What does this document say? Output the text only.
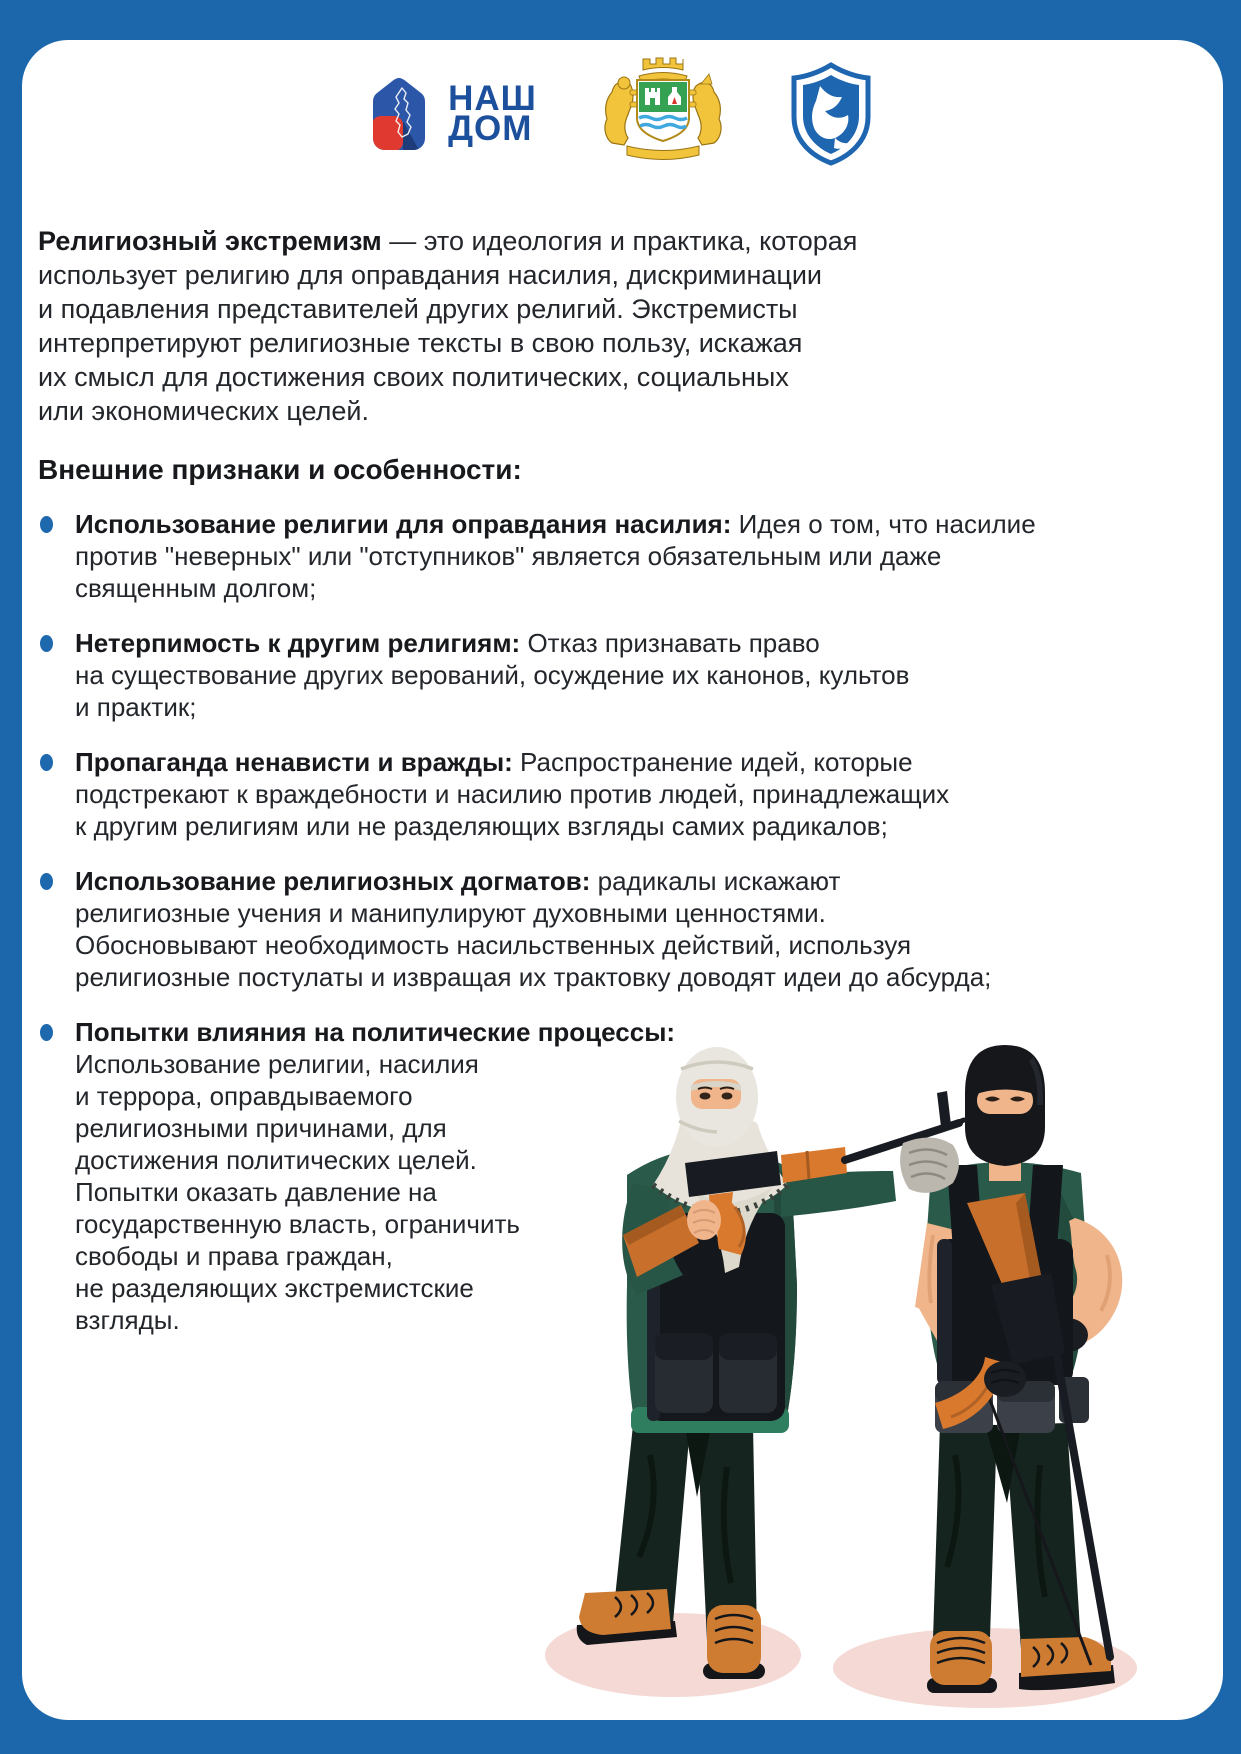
НАШ
ДОМ

Религиозный экстремизм — это идеология и практика, которая
использует религию для оправдания насилия, дискриминации
и подавления представителей других религий. Экстремисты
интерпретируют религиозные тексты в свою пользу, искажая
их смысл для достижения своих политических, социальных
или экономических целей.

Внешние признаки и особенности:
Использование религии для оправдания насилия: Идея о том, что насилие
против "неверных" или "отступников" является обязательным или даже
священным долгом;
Нетерпимость к другим религиям: Отказ признавать право
на существование других верований, осуждение их канонов, культов
и практик;
Пропаганда ненависти и вражды: Распространение идей, которые
подстрекают к враждебности и насилию против людей, принадлежащих
к другим религиям или не разделяющих взгляды самих радикалов;
Использование религиозных догматов: радикалы искажают
религиозные учения и манипулируют духовными ценностями.
Обосновывают необходимость насильственных действий, используя
религиозные постулаты и извращая их трактовку доводят идеи до абсурда;
Попытки влияния на политические процессы:
Использование религии, насилия
и террора, оправдываемого
религиозными причинами, для
достижения политических целей.
Попытки оказать давление на
государственную власть, ограничить
свободы и права граждан,
не разделяющих экстремистские
взгляды.
